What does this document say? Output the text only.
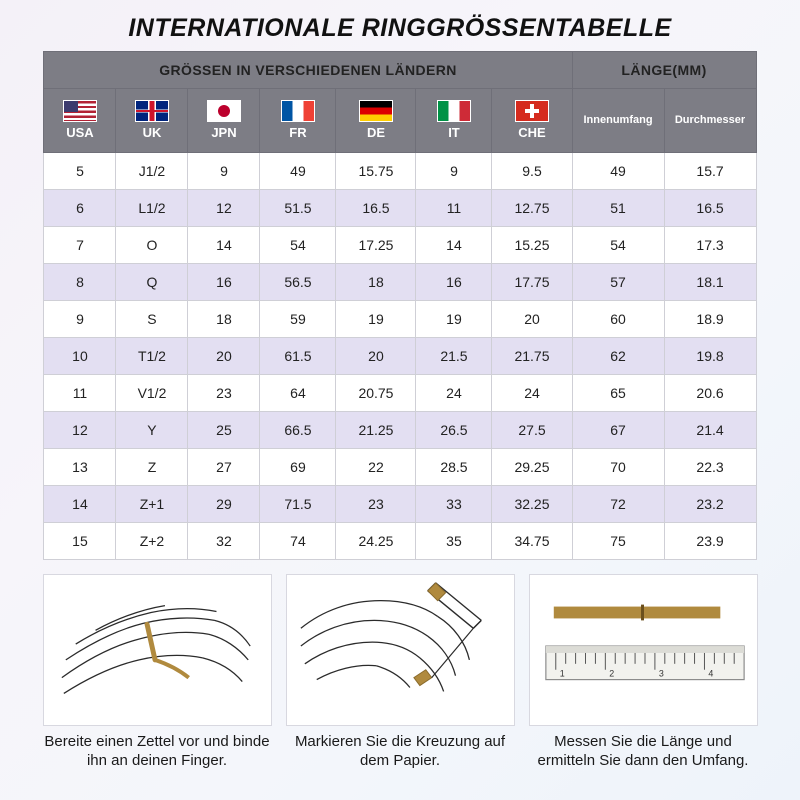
INTERNATIONALE RINGGRÖSSENTABELLE
GRÖSSEN IN VERSCHIEDENEN LÄNDERN							LÄNGE(MM)	

USA	UK	JPN	FR	DE	IT	CHE	Innenumfang	Durchmesser

5	J1/2	9	49	15.75	9	9.5	49	15.7
6	L1/2	12	51.5	16.5	11	12.75	51	16.5
7	O	14	54	17.25	14	15.25	54	17.3
8	Q	16	56.5	18	16	17.75	57	18.1
9	S	18	59	19	19	20	60	18.9
10	T1/2	20	61.5	20	21.5	21.75	62	19.8
11	V1/2	23	64	20.75	24	24	65	20.6
12	Y	25	66.5	21.25	26.5	27.5	67	21.4
13	Z	27	69	22	28.5	29.25	70	22.3
14	Z+1	29	71.5	23	33	32.25	72	23.2
15	Z+2	32	74	24.25	35	34.75	75	23.9
Bereite einen Zettel vor und binde ihn an deinen Finger.
Markieren Sie die Kreuzung auf dem Papier.
1	2	3	4
Messen Sie die Länge und ermitteln Sie dann den Umfang.
